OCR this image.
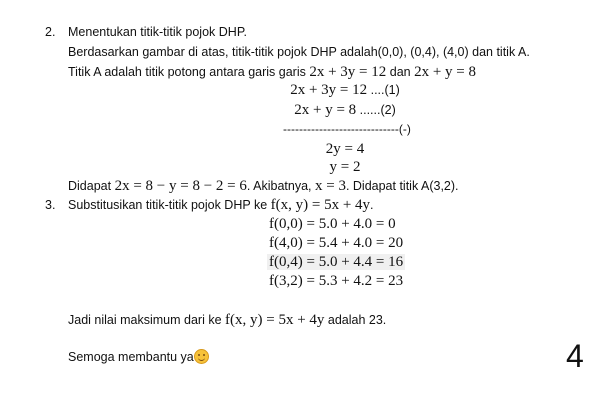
2. Menentukan titik-titik pojok DHP.
Berdasarkan gambar di atas, titik-titik pojok DHP adalah(0,0), (0,4), (4,0) dan titik A.
Titik A adalah titik potong antara garis garis 2x + 3y = 12 dan 2x + y = 8
2x + 3y = 12 ....(1)
2x + y = 8 ......(2)
-----------------------------(-)
2y = 4
y = 2
Didapat 2x = 8 − y = 8 − 2 = 6. Akibatnya, x = 3. Didapat titik A(3,2).
3. Substitusikan titik-titik pojok DHP ke f(x, y) = 5x + 4y.
f(0,0) = 5.0 + 4.0 = 0
f(4,0) = 5.4 + 4.0 = 20
f(0,4) = 5.0 + 4.4 = 16
f(3,2) = 5.3 + 4.2 = 23
Jadi nilai maksimum dari ke f(x, y) = 5x + 4y adalah 23.
Semoga membantu ya	4
